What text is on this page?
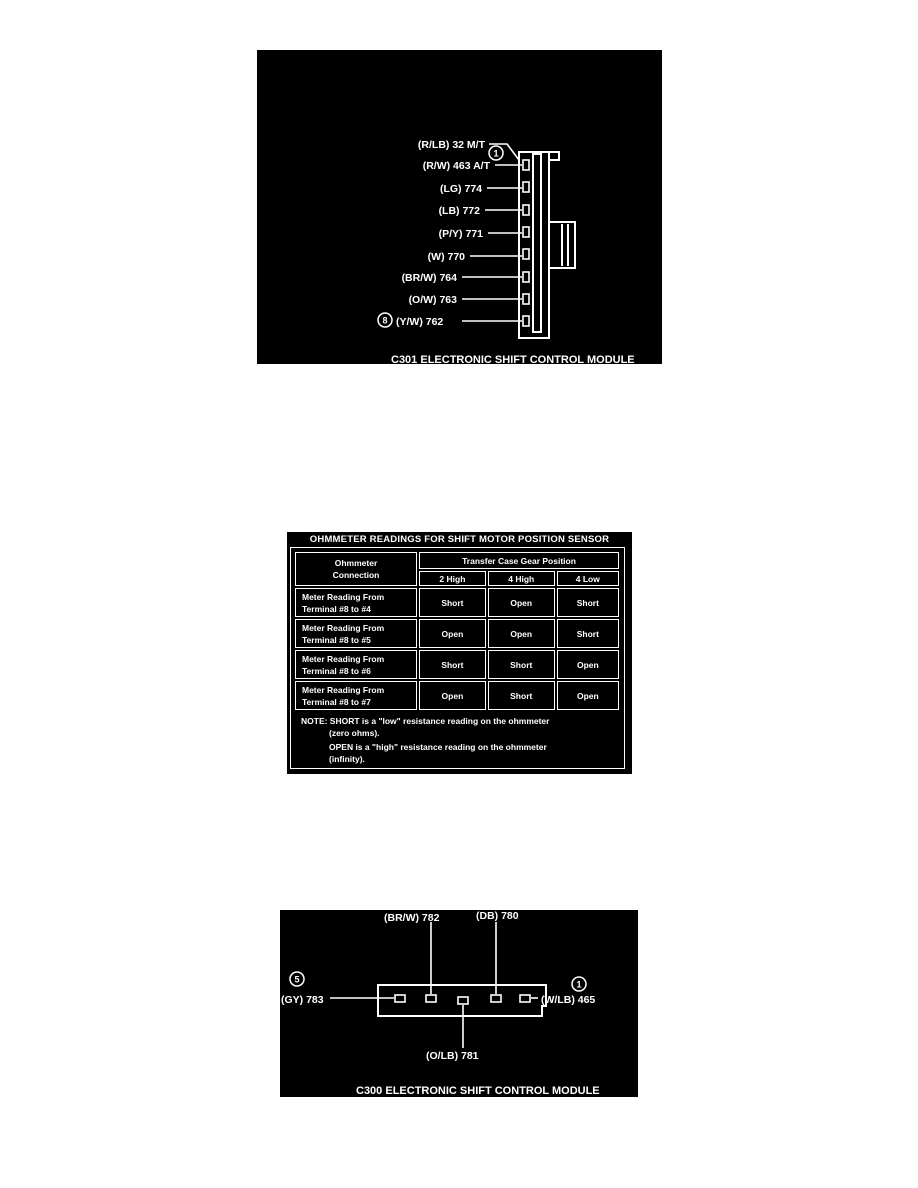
1
8
(R/LB) 32 M/T
(R/W) 463 A/T
(LG) 774
(LB) 772
(P/Y) 771
(W) 770
(BR/W) 764
(O/W) 763
(Y/W) 762
C301 ELECTRONIC SHIFT CONTROL MODULE
OHMMETER READINGS FOR SHIFT MOTOR POSITION SENSOR
Ohmmeter Connection	Transfer Case Gear Position		
	2 High	4 High	4 Low
Meter Reading From
Terminal #8 to #4	Short	Open	Short
Meter Reading From
Terminal #8 to #5	Open	Open	Short
Meter Reading From
Terminal #8 to #6	Short	Short	Open
Meter Reading From
Terminal #8 to #7	Open	Short	Open
NOTE: SHORT is a "low" resistance reading on the ohmmeter
(zero ohms).
OPEN is a "high" resistance reading on the ohmmeter
(infinity).
5	1
(GY) 783
(BR/W) 782	(DB) 780
(O/LB) 781
(W/LB) 465
C300 ELECTRONIC SHIFT CONTROL MODULE
